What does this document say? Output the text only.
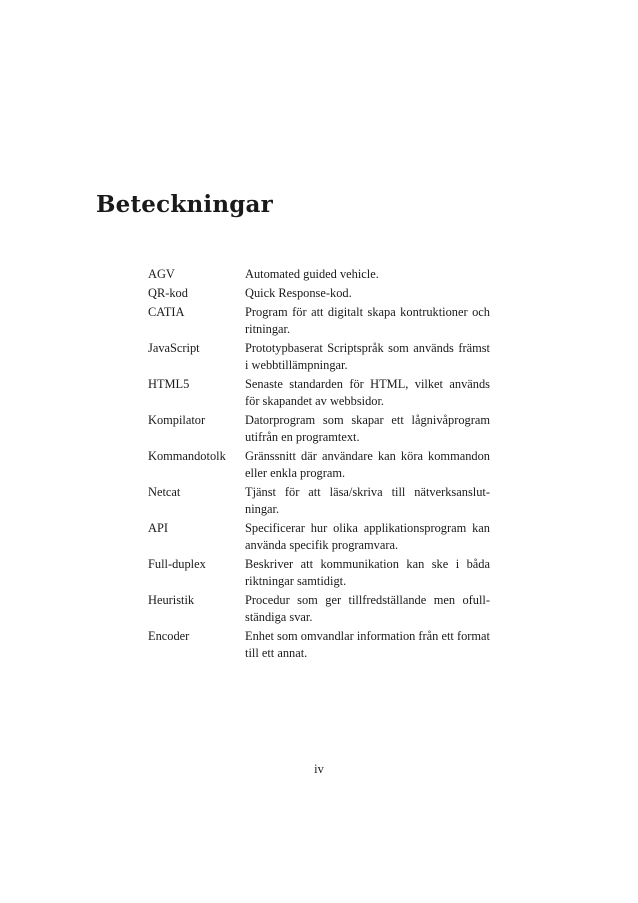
Beteckningar
AGV	Automated guided vehicle.
QR-kod	Quick Response-kod.
CATIA	Program för att digitalt skapa kontruktioner och ritningar.
JavaScript	Prototypbaserat Scriptspråk som används främst i webbtillämpningar.
HTML5	Senaste standarden för HTML, vilket används för skapandet av webbsidor.
Kompilator	Datorprogram som skapar ett lågnivåprogram utifrån en programtext.
Kommandotolk	Gränssnitt där användare kan köra kommandon eller enkla program.
Netcat	Tjänst för att läsa/skriva till nätverksanslutningar.
API	Specificerar hur olika applikationsprogram kan använda specifik programvara.
Full-duplex	Beskriver att kommunikation kan ske i båda riktningar samtidigt.
Heuristik	Procedur som ger tillfredställande men ofullständiga svar.
Encoder	Enhet som omvandlar information från ett format till ett annat.
iv
